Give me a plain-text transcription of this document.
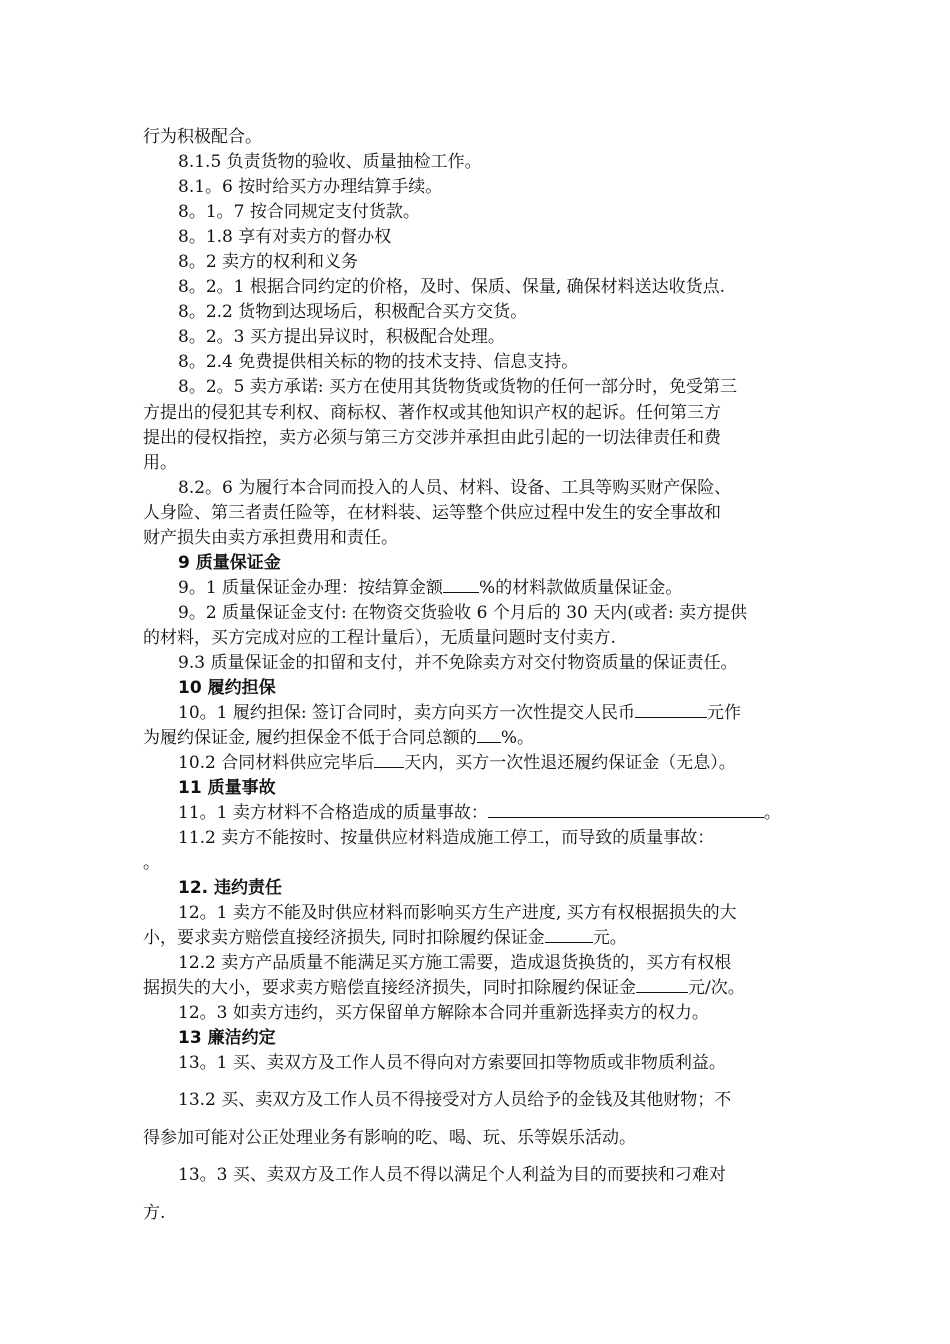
行为积极配合。
8.1.5 负责货物的验收、质量抽检工作。
8.1。6 按时给买方办理结算手续。
8。1。7 按合同规定支付货款。
8。1.8 享有对卖方的督办权
8。2 卖方的权利和义务
8。2。1 根据合同约定的价格，及时、保质、保量, 确保材料送达收货点.
8。2.2 货物到达现场后，积极配合买方交货。
8。2。3 买方提出异议时，积极配合处理。
8。2.4 免费提供相关标的物的技术支持、信息支持。
8。2。5 卖方承诺: 买方在使用其货物货或货物的任何一部分时，免受第三
方提出的侵犯其专利权、商标权、著作权或其他知识产权的起诉。任何第三方
提出的侵权指控，卖方必须与第三方交涉并承担由此引起的一切法律责任和费
用。
8.2。6 为履行本合同而投入的人员、材料、设备、工具等购买财产保险、
人身险、第三者责任险等，在材料装、运等整个供应过程中发生的安全事故和
财产损失由卖方承担费用和责任。
9 质量保证金
9。1 质量保证金办理：按结算金额 %的材料款做质量保证金。
9。2 质量保证金支付: 在物资交货验收 6 个月后的 30 天内(或者: 卖方提供
的材料，买方完成对应的工程计量后），无质量问题时支付卖方.
9.3 质量保证金的扣留和支付，并不免除卖方对交付物资质量的保证责任。
10 履约担保
10。1 履约担保: 签订合同时，卖方向买方一次性提交人民币	元作
为履约保证金, 履约担保金不低于合同总额的 %。
10.2 合同材料供应完毕后 天内，买方一次性退还履约保证金（无息）。
11 质量事故
11。1 卖方材料不合格造成的质量事故：	。
11.2 卖方不能按时、按量供应材料造成施工停工，而导致的质量事故：
。
12. 违约责任
12。1 卖方不能及时供应材料而影响买方生产进度, 买方有权根据损失的大
小，要求卖方赔偿直接经济损失, 同时扣除履约保证金	元。
12.2 卖方产品质量不能满足买方施工需要，造成退货换货的，买方有权根
据损失的大小，要求卖方赔偿直接经济损失，同时扣除履约保证金	元/次。
12。3 如卖方违约，买方保留单方解除本合同并重新选择卖方的权力。
13 廉洁约定
13。1 买、卖双方及工作人员不得向对方索要回扣等物质或非物质利益。
13.2 买、卖双方及工作人员不得接受对方人员给予的金钱及其他财物；不
得参加可能对公正处理业务有影响的吃、喝、玩、乐等娱乐活动。
13。3 买、卖双方及工作人员不得以满足个人利益为目的而要挟和刁难对
方.
